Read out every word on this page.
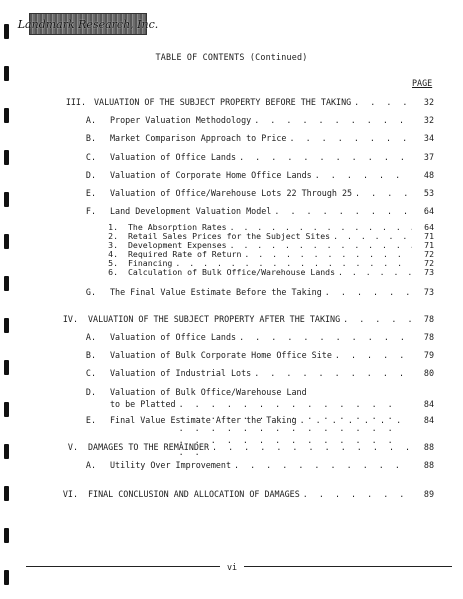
Landmark Research, Inc.
TABLE OF CONTENTS (Continued)
PAGE
III. VALUATION OF THE SUBJECT PROPERTY BEFORE THE TAKING . . .	32
A. Proper Valuation Methodology . . .	32
B. Market Comparison Approach to Price . . .	34
C. Valuation of Office Lands . . .	37
D. Valuation of Corporate Home Office Lands . . .	48
E. Valuation of Office/Warehouse Lots 22 Through 25 . . .	53
F. Land Development Valuation Model . . .	64
1. The Absorption Rates . . .	64
2. Retail Sales Prices for the Subject Sites . . .	71
3. Development Expenses . . .	71
4. Required Rate of Return . . .	72
5. Financing . . .	72
6. Calculation of Bulk Office/Warehouse Lands . . .	73
G. The Final Value Estimate Before the Taking . . .	73
IV. VALUATION OF THE SUBJECT PROPERTY AFTER THE TAKING . . .	78
A. Valuation of Office Lands . . .	78
B. Valuation of Bulk Corporate Home Office Site . . .	79
C. Valuation of Industrial Lots . . .	80
D. Valuation of Bulk Office/Warehouse Land
to be Platted . . .	84
E. Final Value Estimate After the Taking . . .	84
V. DAMAGES TO THE REMAINDER . . .	88
A. Utility Over Improvement . . .	88
VI. FINAL CONCLUSION AND ALLOCATION OF DAMAGES . . .	89
vi
